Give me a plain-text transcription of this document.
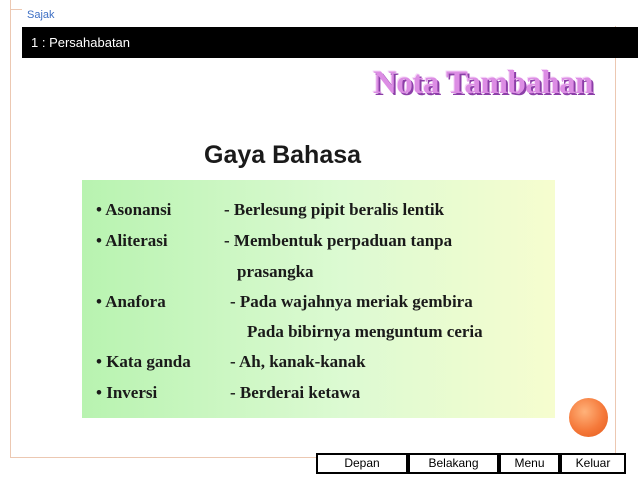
Sajak
1 : Persahabatan
Nota Tambahan
Gaya Bahasa
• Asonansi	- Berlesung pipit beralis lentik
• Aliterasi	- Membentuk perpaduan tanpa
prasangka
• Anafora	- Pada wajahnya meriak gembira
Pada bibirnya menguntum ceria
• Kata ganda - Ah, kanak-kanak
• Inversi	- Berderai ketawa
Depan	Belakang	Menu	Keluar
